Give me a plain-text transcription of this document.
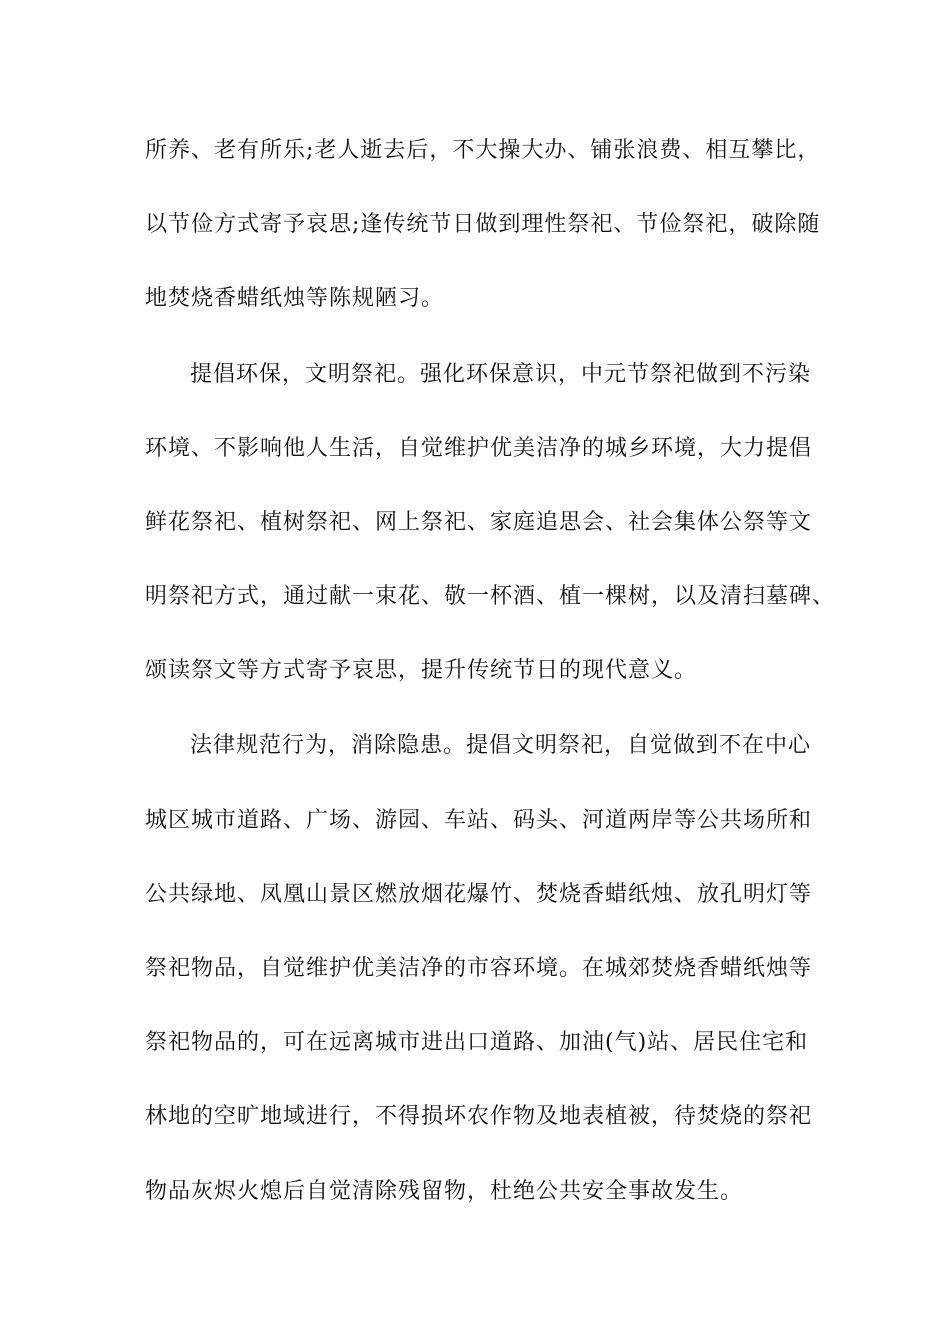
所养、老有所乐;老人逝去后，不大操大办、铺张浪费、相互攀比，
以节俭方式寄予哀思;逢传统节日做到理性祭祀、节俭祭祀，破除随
地焚烧香蜡纸烛等陈规陋习。
提倡环保，文明祭祀。强化环保意识，中元节祭祀做到不污染
环境、不影响他人生活，自觉维护优美洁净的城乡环境，大力提倡
鲜花祭祀、植树祭祀、网上祭祀、家庭追思会、社会集体公祭等文
明祭祀方式，通过献一束花、敬一杯酒、植一棵树，以及清扫墓碑、
颂读祭文等方式寄予哀思，提升传统节日的现代意义。
法律规范行为，消除隐患。提倡文明祭祀，自觉做到不在中心
城区城市道路、广场、游园、车站、码头、河道两岸等公共场所和
公共绿地、凤凰山景区燃放烟花爆竹、焚烧香蜡纸烛、放孔明灯等
祭祀物品，自觉维护优美洁净的市容环境。在城郊焚烧香蜡纸烛等
祭祀物品的，可在远离城市进出口道路、加油(气)站、居民住宅和
林地的空旷地域进行，不得损坏农作物及地表植被，待焚烧的祭祀
物品灰烬火熄后自觉清除残留物，杜绝公共安全事故发生。
